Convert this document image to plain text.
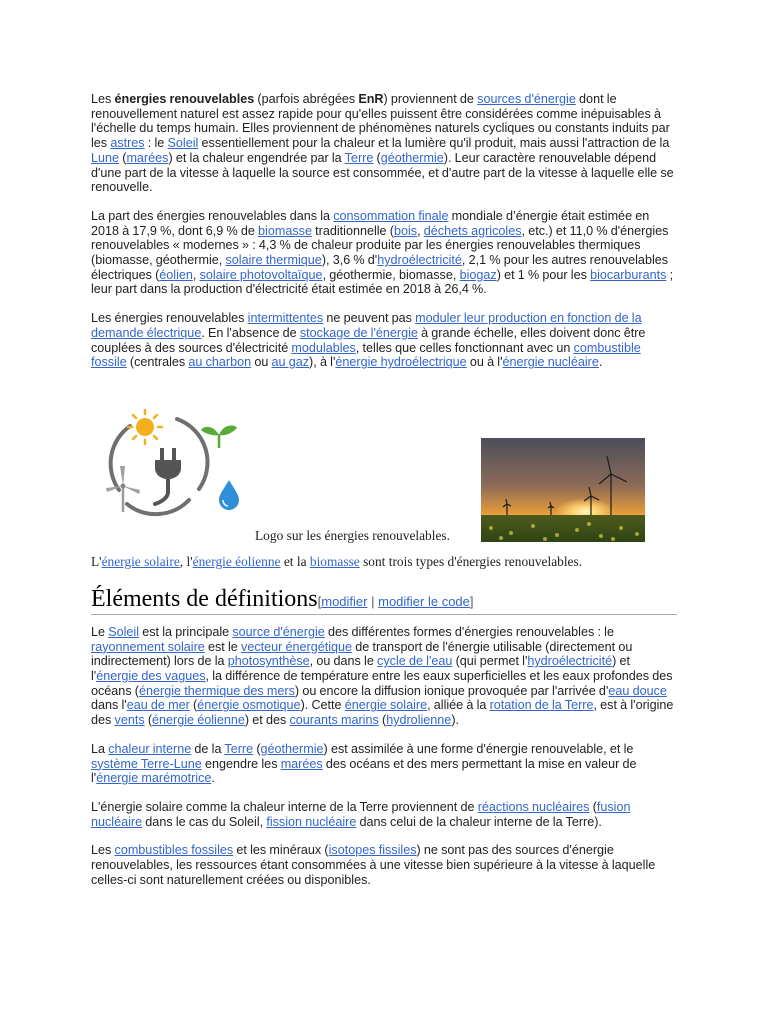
Les énergies renouvelables (parfois abrégées EnR) proviennent de sources d'énergie dont le renouvellement naturel est assez rapide pour qu'elles puissent être considérées comme inépuisables à l'échelle du temps humain. Elles proviennent de phénomènes naturels cycliques ou constants induits par les astres : le Soleil essentiellement pour la chaleur et la lumière qu'il produit, mais aussi l'attraction de la Lune (marées) et la chaleur engendrée par la Terre (géothermie). Leur caractère renouvelable dépend d'une part de la vitesse à laquelle la source est consommée, et d'autre part de la vitesse à laquelle elle se renouvelle.

La part des énergies renouvelables dans la consommation finale mondiale d’énergie était estimée en 2018 à 17,9 %, dont 6,9 % de biomasse traditionnelle (bois, déchets agricoles, etc.) et 11,0 % d'énergies renouvelables « modernes » : 4,3 % de chaleur produite par les énergies renouvelables thermiques (biomasse, géothermie, solaire thermique), 3,6 % d'hydroélectricité, 2,1 % pour les autres renouvelables électriques (éolien, solaire photovoltaïque, géothermie, biomasse, biogaz) et 1 % pour les biocarburants ; leur part dans la production d'électricité était estimée en 2018 à 26,4 %.

Les énergies renouvelables intermittentes ne peuvent pas moduler leur production en fonction de la demande électrique. En l'absence de stockage de l'énergie à grande échelle, elles doivent donc être couplées à des sources d'électricité modulables, telles que celles fonctionnant avec un combustible fossile (centrales au charbon ou au gaz), à l'énergie hydroélectrique ou à l'énergie nucléaire.

Logo sur les énergies renouvelables.

L'énergie solaire, l'énergie éolienne et la biomasse sont trois types d'énergies renouvelables.

Éléments de définitions[modifier | modifier le code]

Le Soleil est la principale source d'énergie des différentes formes d'énergies renouvelables : le rayonnement solaire est le vecteur énergétique de transport de l'énergie utilisable (directement ou indirectement) lors de la photosynthèse, ou dans le cycle de l'eau (qui permet l'hydroélectricité) et l'énergie des vagues, la différence de température entre les eaux superficielles et les eaux profondes des océans (énergie thermique des mers) ou encore la diffusion ionique provoquée par l'arrivée d'eau douce dans l'eau de mer (énergie osmotique). Cette énergie solaire, alliée à la rotation de la Terre, est à l'origine des vents (énergie éolienne) et des courants marins (hydrolienne).

La chaleur interne de la Terre (géothermie) est assimilée à une forme d'énergie renouvelable, et le système Terre-Lune engendre les marées des océans et des mers permettant la mise en valeur de l'énergie marémotrice.

L'énergie solaire comme la chaleur interne de la Terre proviennent de réactions nucléaires (fusion nucléaire dans le cas du Soleil, fission nucléaire dans celui de la chaleur interne de la Terre).

Les combustibles fossiles et les minéraux (isotopes fissiles) ne sont pas des sources d'énergie renouvelables, les ressources étant consommées à une vitesse bien supérieure à la vitesse à laquelle celles-ci sont naturellement créées ou disponibles.
